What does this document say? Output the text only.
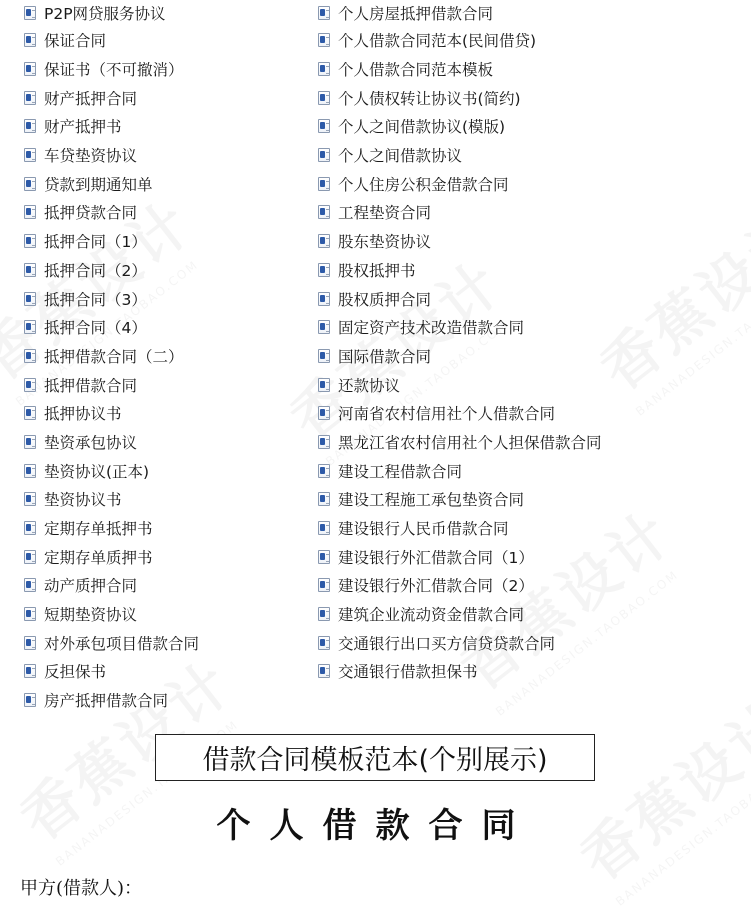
P2P网贷服务协议
保证合同
保证书（不可撤消）
财产抵押合同
财产抵押书
车贷垫资协议
贷款到期通知单
抵押贷款合同
抵押合同（1）
抵押合同（2）
抵押合同（3）
抵押合同（4）
抵押借款合同（二）
抵押借款合同
抵押协议书
垫资承包协议
垫资协议(正本)
垫资协议书
定期存单抵押书
定期存单质押书
动产质押合同
短期垫资协议
对外承包项目借款合同
反担保书
房产抵押借款合同
个人房屋抵押借款合同
个人借款合同范本(民间借贷)
个人借款合同范本模板
个人债权转让协议书(简约)
个人之间借款协议(模版)
个人之间借款协议
个人住房公积金借款合同
工程垫资合同
股东垫资协议
股权抵押书
股权质押合同
固定资产技术改造借款合同
国际借款合同
还款协议
河南省农村信用社个人借款合同
黑龙江省农村信用社个人担保借款合同
建设工程借款合同
建设工程施工承包垫资合同
建设银行人民币借款合同
建设银行外汇借款合同（1）
建设银行外汇借款合同（2）
建筑企业流动资金借款合同
交通银行出口买方信贷贷款合同
交通银行借款担保书
借款合同模板范本(个别展示)
个人借款合同
甲方(借款人)：
